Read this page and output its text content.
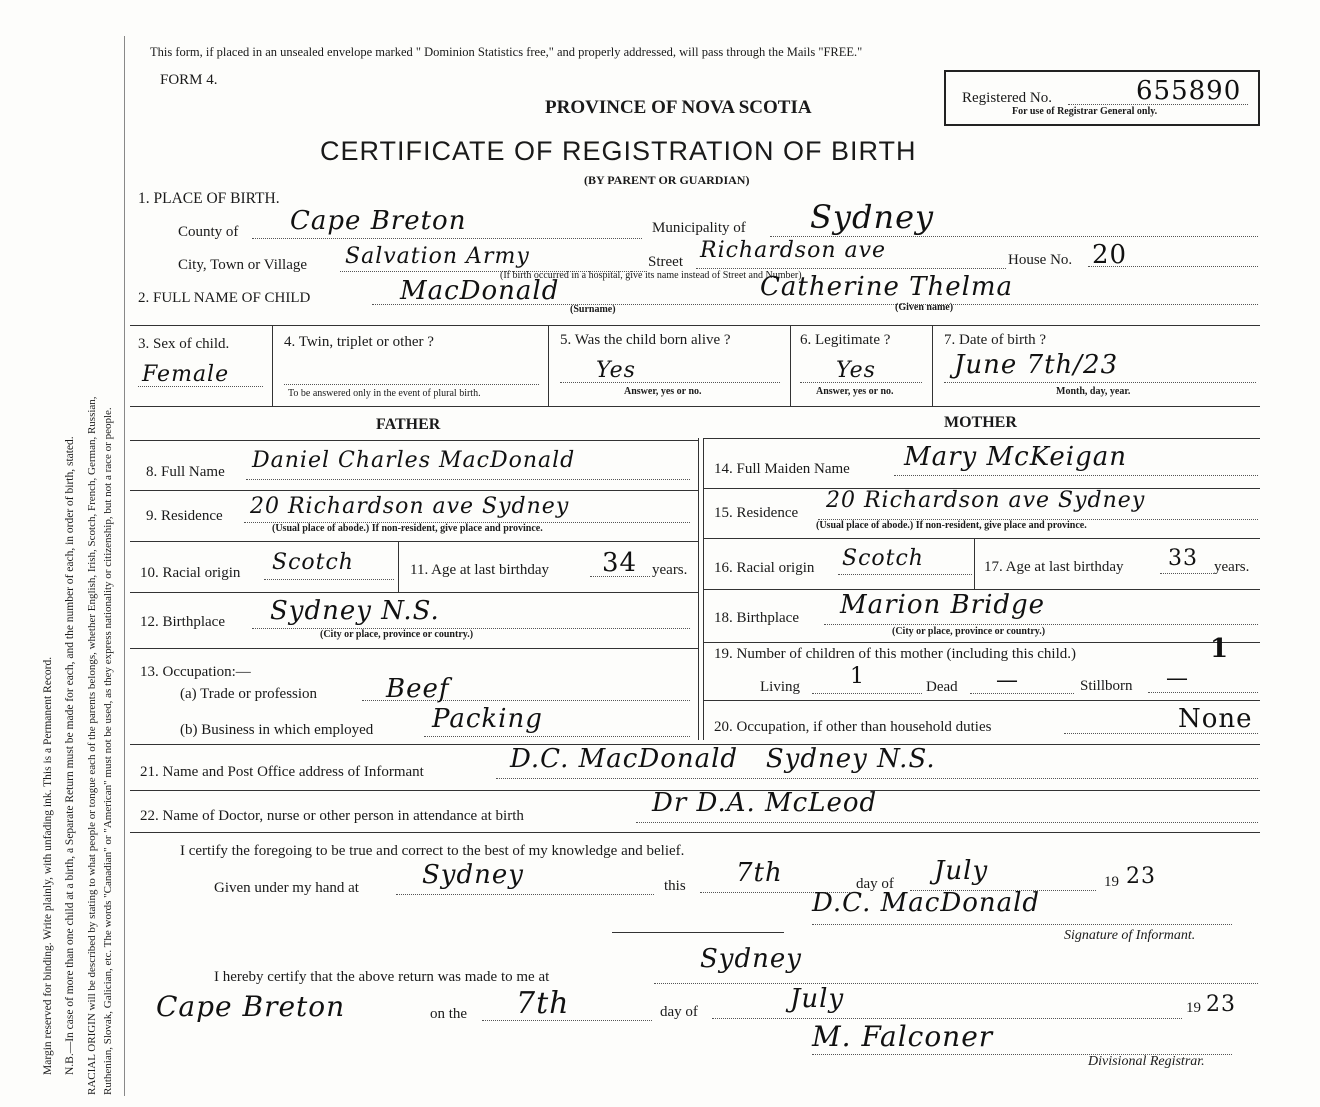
Margin reserved for binding. Write plainly, with unfading ink. This is a Permanent Record. N.B.—In case of more than one child at a birth, a Separate Return must be made for each, and the number of each, in order of birth, stated. RACIAL ORIGIN will be described by stating to what people or tongue each of the parents belongs, whether English, Irish, Scotch, French, German, Russian, Ruthenian, Slovak, Galician, etc. The words "Canadian" or "American" must not be used, as they express nationality or citizenship, but not a race or people.
This form, if placed in an unsealed envelope marked " Dominion Statistics free," and properly addressed, will pass through the Mails "FREE."
FORM 4.
PROVINCE OF NOVA SCOTIA
CERTIFICATE OF REGISTRATION OF BIRTH
(BY PARENT OR GUARDIAN)
Registered No.	655890
For use of Registrar General only.
1. PLACE OF BIRTH.
County of Cape Breton	Municipality of Sydney
City, Town or Village Salvation Army	Street Richardson ave	House No. 20
(If birth occurred in a hospital, give its name instead of Street and Number)
2. FULL NAME OF CHILD	MacDonald	Catherine Thelma
(Surname)	(Given name)
3. Sex of child.
Female
4. Twin, triplet or other ?
To be answered only in the event of plural birth.
5. Was the child born alive ?
Yes
Answer, yes or no.
6. Legitimate ?
Yes
Answer, yes or no.
7. Date of birth ?
June 7th/23
Month, day, year.
FATHER	MOTHER
8. Full Name Daniel Charles MacDonald
9. Residence 20 Richardson ave Sydney
(Usual place of abode.) If non-resident, give place and province.
10. Racial origin Scotch	11. Age at last birthday 34 years.
12. Birthplace Sydney N.S.
(City or place, province or country.)
13. Occupation:—
(a) Trade or profession	Beef
(b) Business in which employed Packing
14. Full Maiden Name Mary McKeigan
15. Residence 20 Richardson ave Sydney
(Usual place of abode.) If non-resident, give place and province.
16. Racial origin Scotch	17. Age at last birthday 33 years.
18. Birthplace Marion Bridge
(City or place, province or country.)
19. Number of children of this mother (including this child.)	1
Living 1	Dead —	Stillborn —
20. Occupation, if other than household duties	None
21. Name and Post Office address of Informant	D.C. MacDonald   Sydney N.S.
22. Name of Doctor, nurse or other person in attendance at birth	Dr D.A. McLeod
I certify the foregoing to be true and correct to the best of my knowledge and belief.
Given under my hand at Sydney	this 7th	day of July	19 23
D.C. MacDonald
Signature of Informant.
I hereby certify that the above return was made to me at
Sydney
Cape Breton	on the 7th	day of	July	19 23
M. Falconer
Divisional Registrar.
